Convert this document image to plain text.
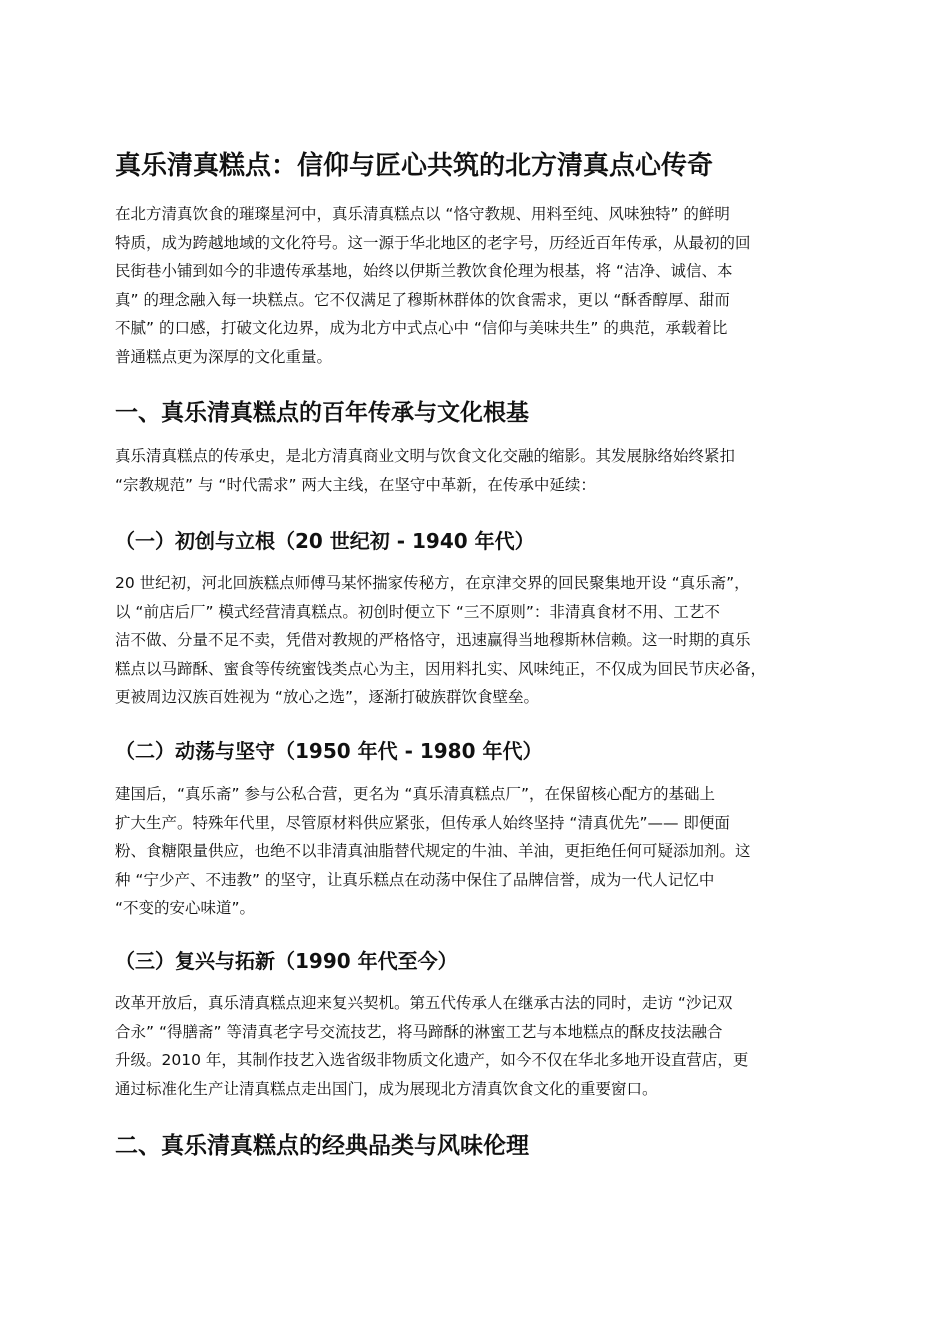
真乐清真糕点：信仰与匠心共筑的北方清真点心传奇

在北方清真饮食的璀璨星河中，真乐清真糕点以 “恪守教规、用料至纯、风味独特” 的鲜明
特质，成为跨越地域的文化符号。这一源于华北地区的老字号，历经近百年传承，从最初的回
民街巷小铺到如今的非遗传承基地，始终以伊斯兰教饮食伦理为根基，将 “洁净、诚信、本
真” 的理念融入每一块糕点。它不仅满足了穆斯林群体的饮食需求，更以 “酥香醇厚、甜而
不腻” 的口感，打破文化边界，成为北方中式点心中 “信仰与美味共生” 的典范，承载着比
普通糕点更为深厚的文化重量。

一、真乐清真糕点的百年传承与文化根基

真乐清真糕点的传承史，是北方清真商业文明与饮食文化交融的缩影。其发展脉络始终紧扣
“宗教规范” 与 “时代需求” 两大主线，在坚守中革新，在传承中延续：

（一）初创与立根（20 世纪初 - 1940 年代）

20 世纪初，河北回族糕点师傅马某怀揣家传秘方，在京津交界的回民聚集地开设 “真乐斋”，
以 “前店后厂” 模式经营清真糕点。初创时便立下 “三不原则”：非清真食材不用、工艺不
洁不做、分量不足不卖，凭借对教规的严格恪守，迅速赢得当地穆斯林信赖。这一时期的真乐
糕点以马蹄酥、蜜食等传统蜜饯类点心为主，因用料扎实、风味纯正，不仅成为回民节庆必备，
更被周边汉族百姓视为 “放心之选”，逐渐打破族群饮食壁垒。

（二）动荡与坚守（1950 年代 - 1980 年代）

建国后，“真乐斋” 参与公私合营，更名为 “真乐清真糕点厂”，在保留核心配方的基础上
扩大生产。特殊年代里，尽管原材料供应紧张，但传承人始终坚持 “清真优先”—— 即便面
粉、食糖限量供应，也绝不以非清真油脂替代规定的牛油、羊油，更拒绝任何可疑添加剂。这
种 “宁少产、不违教” 的坚守，让真乐糕点在动荡中保住了品牌信誉，成为一代人记忆中
“不变的安心味道”。

（三）复兴与拓新（1990 年代至今）

改革开放后，真乐清真糕点迎来复兴契机。第五代传承人在继承古法的同时，走访 “沙记双
合永” “得膳斋” 等清真老字号交流技艺，将马蹄酥的淋蜜工艺与本地糕点的酥皮技法融合
升级。2010 年，其制作技艺入选省级非物质文化遗产，如今不仅在华北多地开设直营店，更
通过标准化生产让清真糕点走出国门，成为展现北方清真饮食文化的重要窗口。

二、真乐清真糕点的经典品类与风味伦理
